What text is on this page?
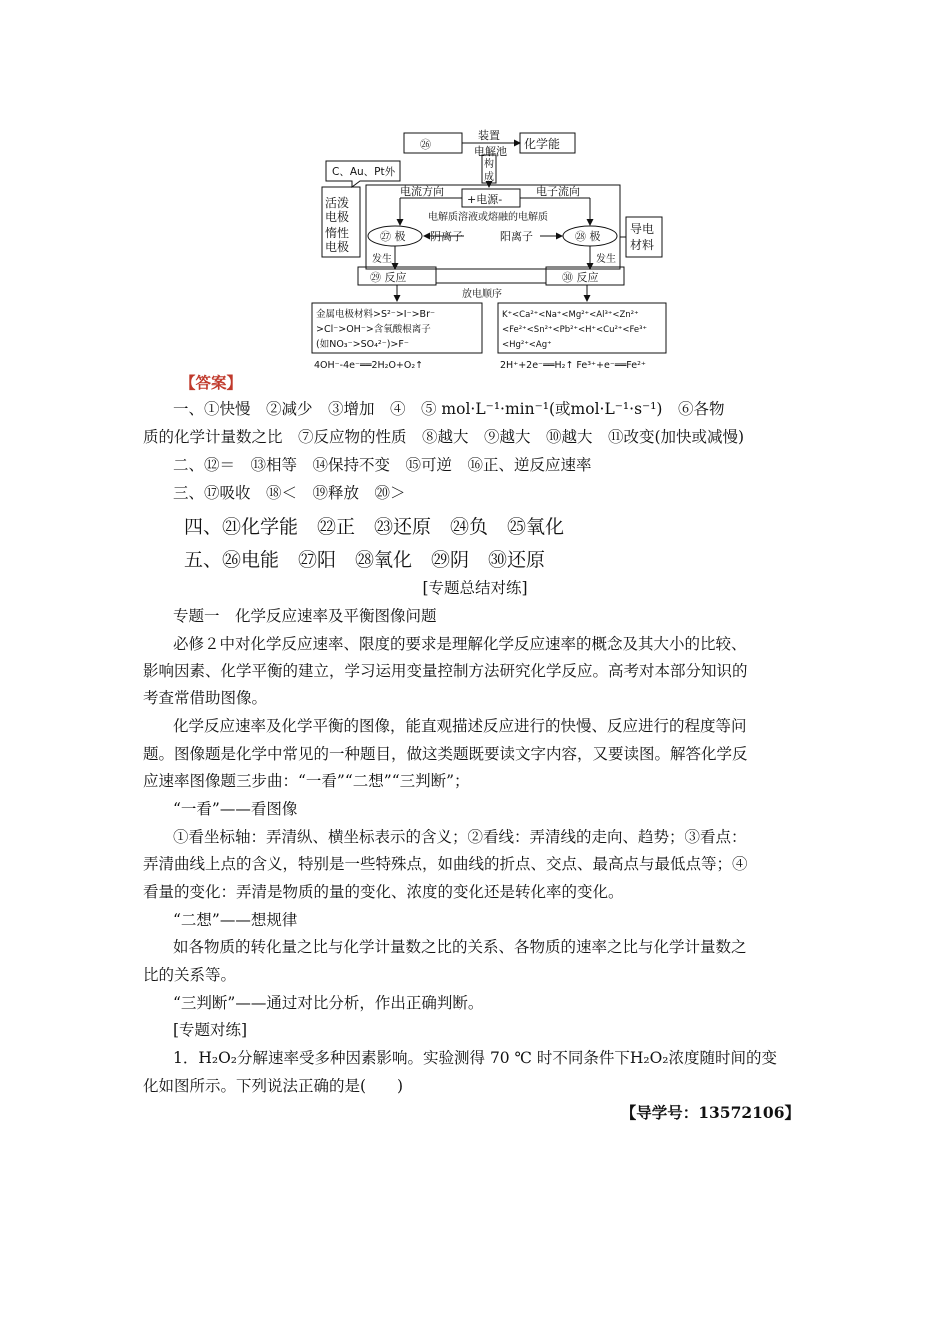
㉖
装置
电解池
化学能
构
成
C、Au、Pt外
活泼
电极
惰性
电极
电流方向
+电源-
电子流向
电解质溶液或熔融的电解质
㉗ 极 阴离子	阳离子	㉘ 极
导电
材料
发生	发生
㉙ 反应
放电顺序
㉚ 反应
金属电极材料>S²⁻>I⁻>Br⁻
>Cl⁻>OH⁻>含氧酸根离子
(如NO₃⁻>SO₄²⁻)>F⁻
4OH⁻-4e⁻══2H₂O+O₂↑
K⁺<Ca²⁺<Na⁺<Mg²⁺<Al³⁺<Zn²⁺
<Fe²⁺<Sn²⁺<Pb²⁺<H⁺<Cu²⁺<Fe³⁺
<Hg²⁺<Ag⁺
2H⁺+2e⁻══H₂↑ Fe³⁺+e⁻══Fe²⁺
【答案】
一、①快慢　②减少　③增加　④　⑤ mol·L⁻¹·min⁻¹(或mol·L⁻¹·s⁻¹)　⑥各物
质的化学计量数之比　⑦反应物的性质　⑧越大　⑨越大　⑩越大　⑪改变(加快或减慢)
二、⑫＝　⑬相等　⑭保持不变　⑮可逆　⑯正、逆反应速率
三、⑰吸收　⑱＜　⑲释放　⑳＞
四、㉑化学能　㉒正　㉓还原　㉔负　㉕氧化
五、㉖电能　㉗阳　㉘氧化　㉙阴　㉚还原
[专题总结对练]
专题一　化学反应速率及平衡图像问题
必修２中对化学反应速率、限度的要求是理解化学反应速率的概念及其大小的比较、
影响因素、化学平衡的建立，学习运用变量控制方法研究化学反应。高考对本部分知识的
考查常借助图像。
化学反应速率及化学平衡的图像，能直观描述反应进行的快慢、反应进行的程度等问
题。图像题是化学中常见的一种题目，做这类题既要读文字内容，又要读图。解答化学反
应速率图像题三步曲：“一看”“二想”“三判断”；
“一看”——看图像
①看坐标轴：弄清纵、横坐标表示的含义；②看线：弄清线的走向、趋势；③看点：
弄清曲线上点的含义，特别是一些特殊点，如曲线的折点、交点、最高点与最低点等；④
看量的变化：弄清是物质的量的变化、浓度的变化还是转化率的变化。
“二想”——想规律
如各物质的转化量之比与化学计量数之比的关系、各物质的速率之比与化学计量数之
比的关系等。
“三判断”——通过对比分析，作出正确判断。
[专题对练]
1．H₂O₂分解速率受多种因素影响。实验测得 70 ℃ 时不同条件下H₂O₂浓度随时间的变
化如图所示。下列说法正确的是(　　)
【导学号：13572106】
